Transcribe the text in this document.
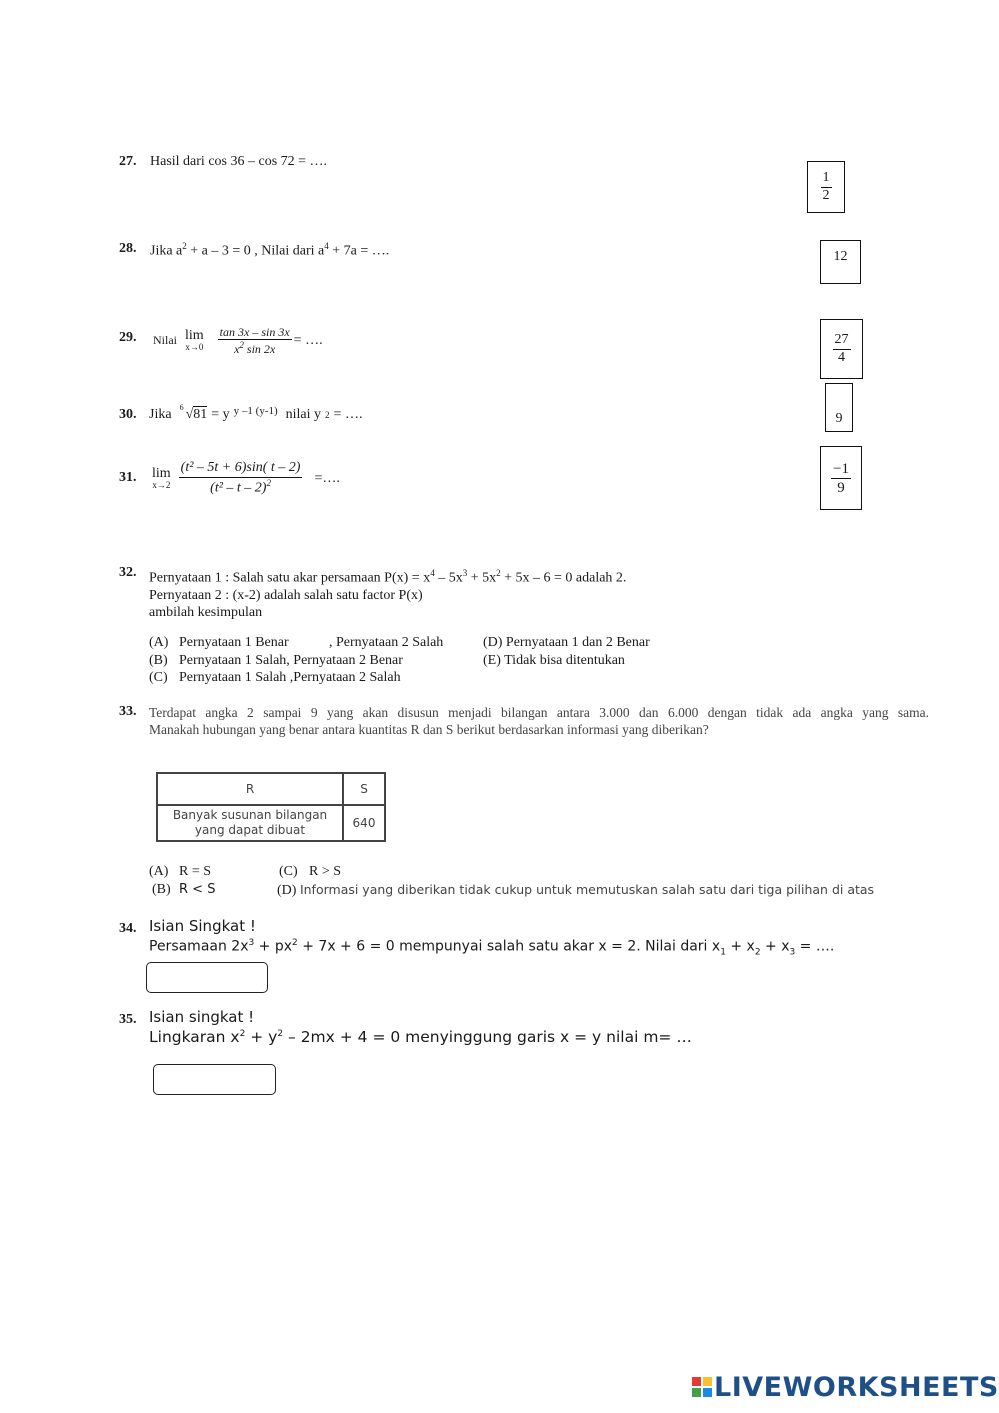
27. Hasil dari cos 36 – cos 72 = ….
$\frac{1}{2}$
28. Jika $a^2 + a - 3 = 0$ , Nilai dari $a^4 + 7a$ = ….	12
29. Nilai lim
$x\to 0 \frac{\tan 3x - \sin 3x}{x^2 \sin 2x}$ = ….	$\frac{27}{4}$
30. Jika 6 √81 = y $^{y -1 (y-1)}$ nilai y 2 = ….	9
31. lim
$x\to 2 \frac{\text{(t² – 5t + 6)sin( t – 2)}}{(t^2 - t - 2)^2}$ =….	$\frac{-1}{9}$
32. Pernyataan 1 : Salah satu akar persamaan $P(x) = x^4 - 5x^3 + 5x^2 + 5x - 6 = 0$ adalah 2.
Pernyataan 2 : (x-2) adalah salah satu factor P(x)
ambilah kesimpulan
(A) Pernyataan 1 Benar	, Pernyataan 2 Salah
(B) Pernyataan 1 Salah, Pernyataan 2 Benar
(C) Pernyataan 1 Salah ,Pernyataan 2 Salah
(D) Pernyataan 1 dan 2 Benar
(E) Tidak bisa ditentukan
33. Terdapat angka 2 sampai 9 yang akan disusun menjadi bilangan antara 3.000 dan 6.000 dengan tidak ada angka yang sama.
Manakah hubungan yang benar antara kuantitas R dan S berikut berdasarkan informasi yang diberikan?
R	S

Banyak susunan bilangan
yang dapat dibuat	640
(A) R = S	(C) R > S
(B) R < S	(D) Informasi yang diberikan tidak cukup untuk memutuskan salah satu dari tiga pilihan di atas
34. Isian Singkat !
Persamaan $2x^3 + px^2 + 7x + 6 = 0$ mempunyai salah satu akar x = 2. Nilai dari $x_1 + x_2 + x_3$ = ….
35. Isian singkat !
Lingkaran $x^2 + y^2 - 2mx + 4 = 0$ menyinggung garis x = y nilai m= …
LIVEWORKSHEETS
